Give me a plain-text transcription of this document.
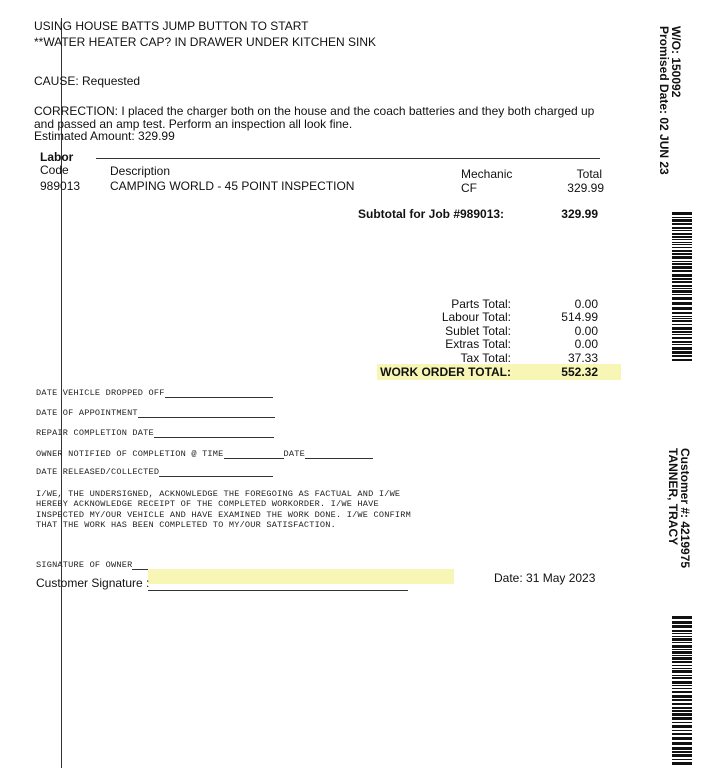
USING HOUSE BATTS JUMP BUTTON TO START
**WATER HEATER CAP? IN DRAWER UNDER KITCHEN SINK
CAUSE: Requested
CORRECTION: I placed the charger both on the house and the coach batteries and they both charged up
and passed an amp test. Perform an inspection all look fine.
Estimated Amount: 329.99
Labor
Code	Description	Mechanic	Total
989013 CAMPING WORLD - 45 POINT INSPECTION	CF	329.99
Subtotal for Job #989013:	329.99
Parts Total:	0.00
Labour Total:	514.99
Sublet Total:	0.00
Extras Total:	0.00
Tax Total:	37.33
WORK ORDER TOTAL:	552.32
DATE VEHICLE DROPPED OFF
DATE OF APPOINTMENT
REPAIR COMPLETION DATE
OWNER NOTIFIED OF COMPLETION @ TIME	DATE
DATE RELEASED/COLLECTED
I/WE, THE UNDERSIGNED, ACKNOWLEDGE THE FOREGOING AS FACTUAL AND I/WE
HEREBY ACKNOWLEDGE RECEIPT OF THE COMPLETED WORKORDER. I/WE HAVE
INSPECTED MY/OUR VEHICLE AND HAVE EXAMINED THE WORK DONE. I/WE CONFIRM
THAT THE WORK HAS BEEN COMPLETED TO MY/OUR SATISFACTION.
SIGNATURE OF OWNER
Customer Signature :	Date: 31 May 2023
W/O: 150092
Promised Date: 02 JUN 23
Customer #: 4219975
TANNER, TRACY
